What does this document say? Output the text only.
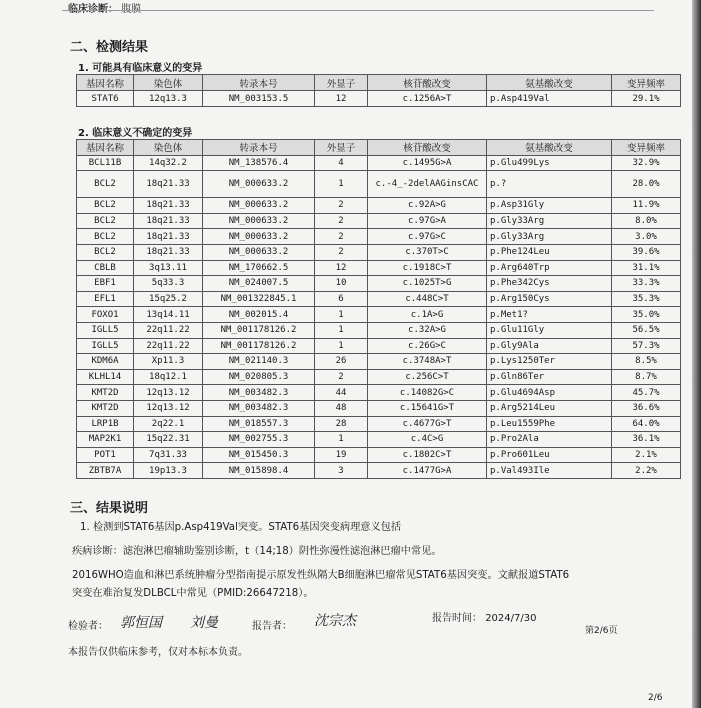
临床诊断： 腹膜
二、检测结果
1. 可能具有临床意义的变异
基因名称	染色体	转录本号	外显子	核苷酸改变	氨基酸改变	变异频率
STAT6	12q13.3	NM_003153.5	12	c.1256A>T	p.Asp419Val	29.1%
2. 临床意义不确定的变异
基因名称	染色体	转录本号	外显子	核苷酸改变	氨基酸改变	变异频率
BCL11B	14q32.2	NM_138576.4	4	c.1495G>A	p.Glu499Lys	32.9%
BCL2	18q21.33	NM_000633.2	1	c.-4_-2delAAGinsCAC	p.?	28.0%
BCL2	18q21.33	NM_000633.2	2	c.92A>G	p.Asp31Gly	11.9%
BCL2	18q21.33	NM_000633.2	2	c.97G>A	p.Gly33Arg	8.0%
BCL2	18q21.33	NM_000633.2	2	c.97G>C	p.Gly33Arg	3.0%
BCL2	18q21.33	NM_000633.2	2	c.370T>C	p.Phe124Leu	39.6%
CBLB	3q13.11	NM_170662.5	12	c.1918C>T	p.Arg640Trp	31.1%
EBF1	5q33.3	NM_024007.5	10	c.1025T>G	p.Phe342Cys	33.3%
EFL1	15q25.2	NM_001322845.1	6	c.448C>T	p.Arg150Cys	35.3%
FOXO1	13q14.11	NM_002015.4	1	c.1A>G	p.Met1?	35.0%
IGLL5	22q11.22	NM_001178126.2	1	c.32A>G	p.Glu11Gly	56.5%
IGLL5	22q11.22	NM_001178126.2	1	c.26G>C	p.Gly9Ala	57.3%
KDM6A	Xp11.3	NM_021140.3	26	c.3748A>T	p.Lys1250Ter	8.5%
KLHL14	18q12.1	NM_020805.3	2	c.256C>T	p.Gln86Ter	8.7%
KMT2D	12q13.12	NM_003482.3	44	c.14082G>C	p.Glu4694Asp	45.7%
KMT2D	12q13.12	NM_003482.3	48	c.15641G>T	p.Arg5214Leu	36.6%
LRP1B	2q22.1	NM_018557.3	28	c.4677G>T	p.Leu1559Phe	64.0%
MAP2K1	15q22.31	NM_002755.3	1	c.4C>G	p.Pro2Ala	36.1%
POT1	7q31.33	NM_015450.3	19	c.1802C>T	p.Pro601Leu	2.1%
ZBTB7A	19p13.3	NM_015898.4	3	c.1477G>A	p.Val493Ile	2.2%
三、结果说明
1. 检测到STAT6基因p.Asp419Val突变。STAT6基因突变病理意义包括
疾病诊断：滤泡淋巴瘤辅助鉴别诊断，t（14;18）阴性弥漫性滤泡淋巴瘤中常见。
2016WHO造血和淋巴系统肿瘤分型指南提示原发性纵隔大B细胞淋巴瘤常见STAT6基因突变。文献报道STAT6
突变在难治复发DLBCL中常见（PMID:26647218）。
检验者： 郭恒国 刘曼	报告者： 沈宗杰	报告时间： 2024/7/30
第2/6页
本报告仅供临床参考，仅对本标本负责。
2/6
